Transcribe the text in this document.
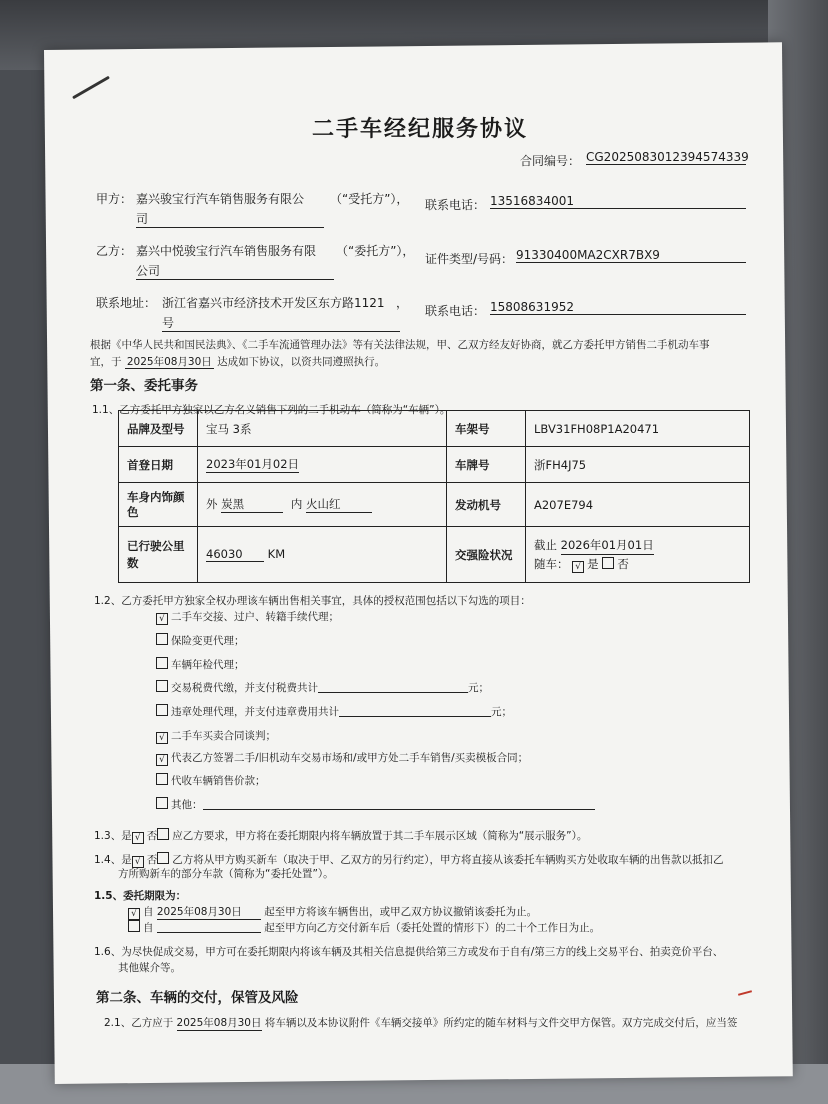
二手车经纪服务协议
合同编号： CG2025083012394574339
甲方： 嘉兴骏宝行汽车销售服务有限公 （“受托方”），
司
联系电话： 13516834001
乙方： 嘉兴中悦骏宝行汽车销售服务有限 （“委托方”），
公司
证件类型/号码： 91330400MA2CXR7BX9
联系地址： 浙江省嘉兴市经济技术开发区东方路1121 ，
号
联系电话： 15808631952
根据《中华人民共和国民法典》、《二手车流通管理办法》等有关法律法规，甲、乙双方经友好协商，就乙方委托甲方销售二手机动车事
宜，于 2025年08月30日 达成如下协议，以资共同遵照执行。
第一条、委托事务
1.1、乙方委托甲方独家以乙方名义销售下列的二手机动车（简称为“车辆”）。
品牌及型号	宝马 3系	车架号	LBV31FH08P1A20471
首登日期	2023年01月02日	车牌号	浙FH4J75
车身内饰颜
色	外 炭黑 内 火山红	发动机号	A207E794
已行驶公里
数	46030 KM	交强险状况	截止 2026年01月01日
随车： √ 是 否
1.2、乙方委托甲方独家全权办理该车辆出售相关事宜，具体的授权范围包括以下勾选的项目：
√ 二手车交接、过户、转籍手续代理；
保险变更代理；
车辆年检代理；
交易税费代缴，并支付税费共计	元；
违章处理代理，并支付违章费用共计	元；
√ 二手车买卖合同谈判；
√ 代表乙方签署二手/旧机动车交易市场和/或甲方处二手车销售/买卖模板合同；
代收车辆销售价款；
其他：
1.3、是 √ 否 应乙方要求，甲方将在委托期限内将车辆放置于其二手车展示区域（简称为“展示服务”）。
1.4、是 √ 否 乙方将从甲方购买新车（取决于甲、乙双方的另行约定），甲方将直接从该委托车辆购买方处收取车辆的出售款以抵扣乙
方所购新车的部分车款（简称为“委托处置”）。
1.5、委托期限为：
√ 自 2025年08月30日 起至甲方将该车辆售出，或甲乙双方协议撤销该委托为止。
自	起至甲方向乙方交付新车后（委托处置的情形下）的二十个工作日为止。
1.6、为尽快促成交易，甲方可在委托期限内将该车辆及其相关信息提供给第三方或发布于自有/第三方的线上交易平台、拍卖竞价平台、
其他媒介等。
第二条、车辆的交付，保管及风险
2.1、乙方应于 2025年08月30日 将车辆以及本协议附件《车辆交接单》所约定的随车材料与文件交甲方保管。双方完成交付后，应当签
